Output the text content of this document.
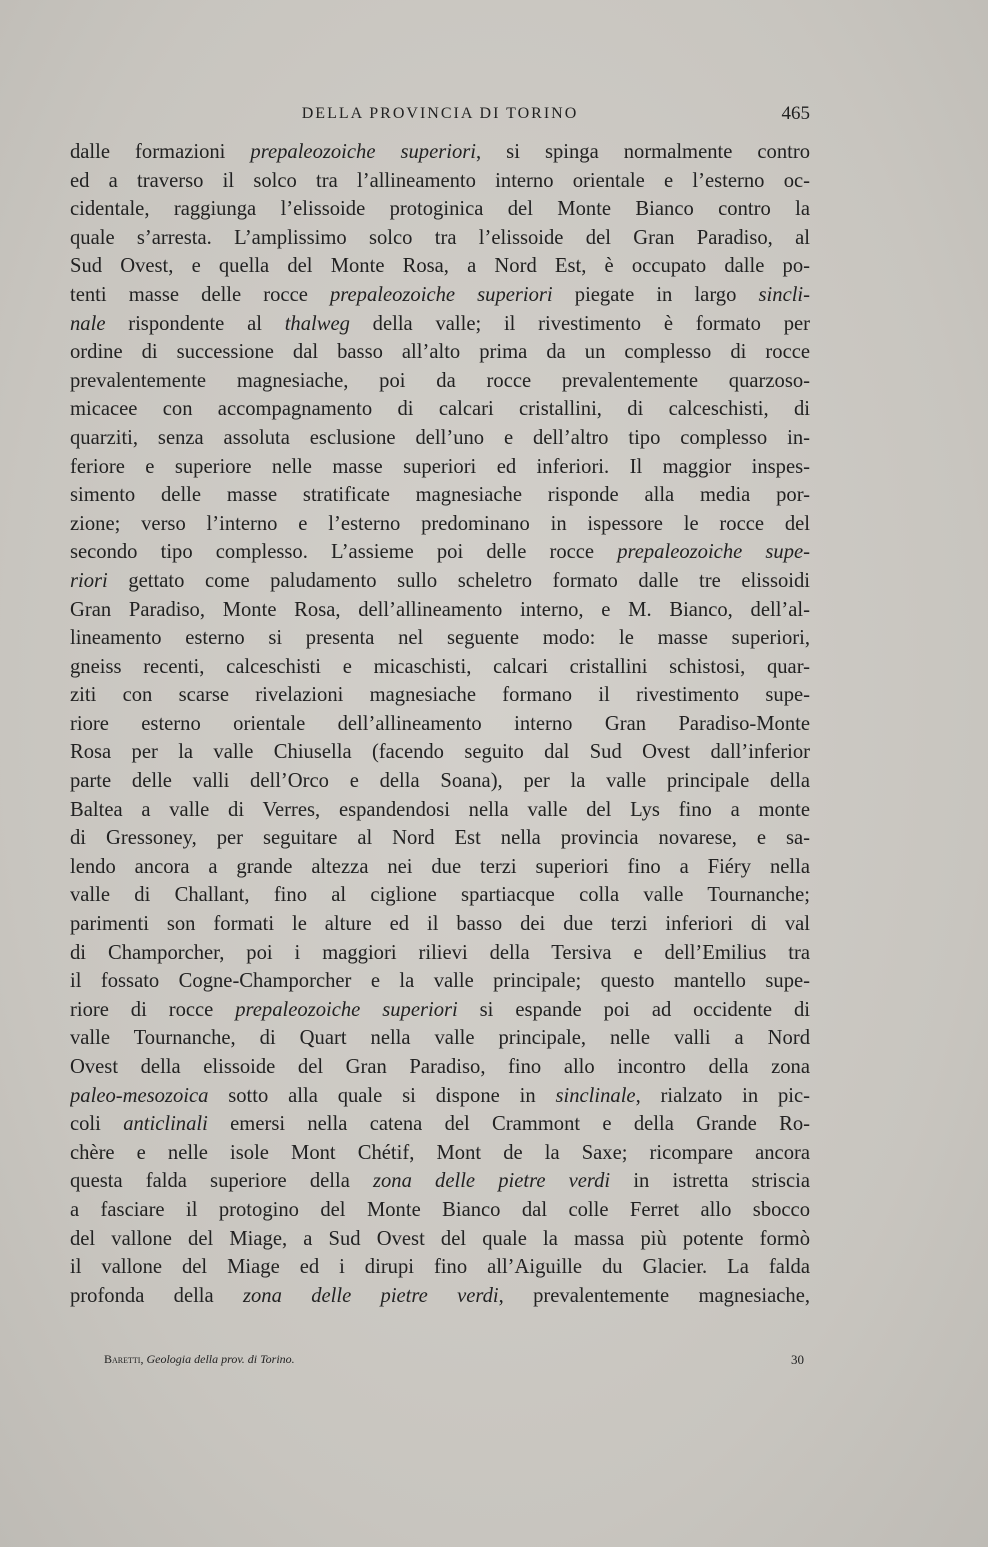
DELLA PROVINCIA DI TORINO	465
dalle formazioni prepaleozoiche superiori, si spinga normalmente contro
ed a traverso il solco tra l’allineamento interno orientale e l’esterno oc-
cidentale, raggiunga l’elissoide protoginica del Monte Bianco contro la
quale s’arresta. L’amplissimo solco tra l’elissoide del Gran Paradiso, al
Sud Ovest, e quella del Monte Rosa, a Nord Est, è occupato dalle po-
tenti masse delle rocce prepaleozoiche superiori piegate in largo sincli-
nale rispondente al thalweg della valle; il rivestimento è formato per
ordine di successione dal basso all’alto prima da un complesso di rocce
prevalentemente magnesiache, poi da rocce prevalentemente quarzoso-
micacee con accompagnamento di calcari cristallini, di calceschisti, di
quarziti, senza assoluta esclusione dell’uno e dell’altro tipo complesso in-
feriore e superiore nelle masse superiori ed inferiori. Il maggior inspes-
simento delle masse stratificate magnesiache risponde alla media por-
zione; verso l’interno e l’esterno predominano in ispessore le rocce del
secondo tipo complesso. L’assieme poi delle rocce prepaleozoiche supe-
riori gettato come paludamento sullo scheletro formato dalle tre elissoidi
Gran Paradiso, Monte Rosa, dell’allineamento interno, e M. Bianco, dell’al-
lineamento esterno si presenta nel seguente modo: le masse superiori,
gneiss recenti, calceschisti e micaschisti, calcari cristallini schistosi, quar-
ziti con scarse rivelazioni magnesiache formano il rivestimento supe-
riore esterno orientale dell’allineamento interno Gran Paradiso-Monte
Rosa per la valle Chiusella (facendo seguito dal Sud Ovest dall’inferior
parte delle valli dell’Orco e della Soana), per la valle principale della
Baltea a valle di Verres, espandendosi nella valle del Lys fino a monte
di Gressoney, per seguitare al Nord Est nella provincia novarese, e sa-
lendo ancora a grande altezza nei due terzi superiori fino a Fiéry nella
valle di Challant, fino al ciglione spartiacque colla valle Tournanche;
parimenti son formati le alture ed il basso dei due terzi inferiori di val
di Champorcher, poi i maggiori rilievi della Tersiva e dell’Emilius tra
il fossato Cogne-Champorcher e la valle principale; questo mantello supe-
riore di rocce prepaleozoiche superiori si espande poi ad occidente di
valle Tournanche, di Quart nella valle principale, nelle valli a Nord
Ovest della elissoide del Gran Paradiso, fino allo incontro della zona
paleo-mesozoica sotto alla quale si dispone in sinclinale, rialzato in pic-
coli anticlinali emersi nella catena del Crammont e della Grande Ro-
chère e nelle isole Mont Chétif, Mont de la Saxe; ricompare ancora
questa falda superiore della zona delle pietre verdi in istretta striscia
a fasciare il protogino del Monte Bianco dal colle Ferret allo sbocco
del vallone del Miage, a Sud Ovest del quale la massa più potente formò
il vallone del Miage ed i dirupi fino all’Aiguille du Glacier. La falda
profonda della zona delle pietre verdi, prevalentemente magnesiache,
Baretti, Geologia della prov. di Torino.	30
